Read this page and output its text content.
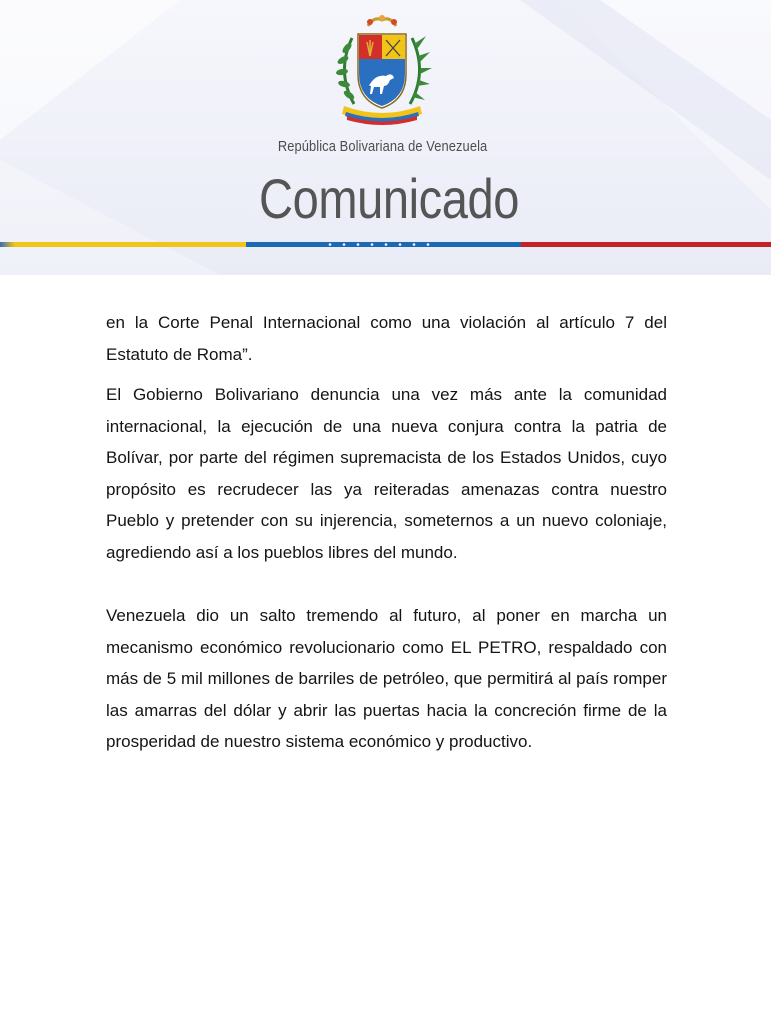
República Bolivariana de Venezuela
Comunicado

en la Corte Penal Internacional como una violación al artículo 7 del Estatuto de Roma”.

El Gobierno Bolivariano denuncia una vez más ante la comunidad internacional, la ejecución de una nueva conjura contra la patria de Bolívar, por parte del régimen supremacista de los Estados Unidos, cuyo propósito es recrudecer las ya reiteradas amenazas contra nuestro Pueblo y pretender con su injerencia, someternos a un nuevo coloniaje, agrediendo así a los pueblos libres del mundo.

Venezuela dio un salto tremendo al futuro, al poner en marcha un mecanismo económico revolucionario como EL PETRO, respaldado con más de 5 mil millones de barriles de petróleo, que permitirá al país romper las amarras del dólar y abrir las puertas hacia la concreción firme de la prosperidad de nuestro sistema económico y productivo.
